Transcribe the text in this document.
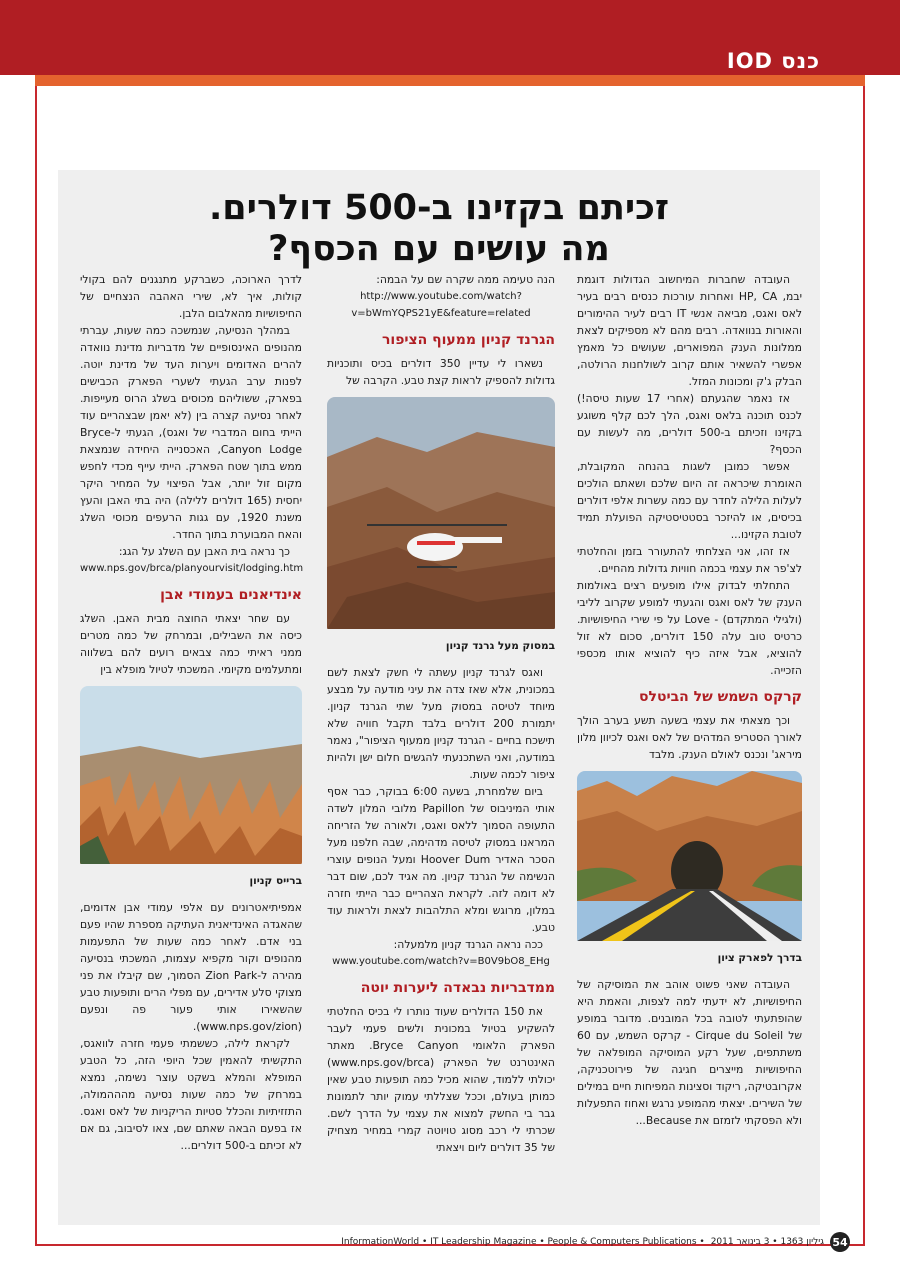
כנס IOD
זכיתם בקזינו ב-500 דולרים.
מה עושים עם הכסף?

העובדה שחברות המיחשוב הגדולות דוגמת יבמ, HP, CA ואחרות עורכות כנסים רבים בעיר לאס ואגס, מביאה אנשי IT רבים לעיר ההימורים והאורות בנוואדה. רבים מהם לא מספיקים לצאת ממלונות הענק המפוארים, שעושים כל מאמץ אפשרי להשאיר אותם קרוב לשולחנות הרולטה, הבלק ג'ק ומכונות המזל.

אז נאמר שהגעתם (אחרי 17 שעות טיסה!) לכנס תוכנה בלאס ואגס, הלך לכם קלף משוגע בקזינו וזכיתם ב-500 דולרים, מה לעשות עם הכסף?

אפשר כמובן לשגות בהנחה המקובלת, האומרת שיכראה זה היום שלכם ושאתם הולכים לעלות הלילה לחדר עם כמה עשרות אלפי דולרים בכיסים, או להיזכר בסטטיסטיקה הפועלת תמיד לטובת הקזינו...

אז זהו, אני הצלחתי להתעורר בזמן והחלטתי לצ'פר את עצמי בכמה חוויות גדולות מהחיים.

התחלתי לבדוק אילו מופעים רצים באולמות הענק של לאס ואגס והגעתי למופע שקרוב לליבי (ולגילי המתקדם) - Love על פי שירי החיפושיות. כרטיס טוב עלה 150 דולרים, סכום לא זול להוציא, אבל איזה כיף להוציא אותו מכספי הזכייה.

קרקס השמש של הביטלס

וכך מצאתי את עצמי בשעה תשע בערב הולך לאורך הסטריפ המדהים של לאס ואגס לכיוון מלון מיראג' ונכנס לאולם הענק. מלבד

בדרך לפארק ציון

העובדה שאני פשוט אוהב את המוסיקה של החיפושיות, לא ידעתי למה לצפות, והאמת היא שהופתעתי לטובה בכל המובנים. מדובר במופע של Cirque du Soleil - קרקס השמש, עם 60 משתתפים, שעל רקע המוסיקה המופלאה של החיפושיות מייצרים חגיגה של פירוטכניקה, אקרובטיקה, ריקוד וסצינות המפיחות חיים במילים של השירים. יצאתי מהמופע נרגש ואחוז התפעלות ולא הפסקתי לזמזם את Because...

הנה טעימה ממה שקרה שם על הבמה:

http://www.youtube.com/watch?v=bWmYQPS21yE&feature=related

הגרנד קניון ממעוף הציפור

נשארו לי עדיין 350 דולרים בכיס ותוכניות גדולות להספיק לראות קצת טבע. הקרבה של

במסוק מעל גרנד קניון

ואגס לגרנד קניון עשתה לי חשק לצאת לשם במכונית, אלא שאז צדה את עיני מודעה על מבצע מיוחד לטיסה במסוק מעל שתי הגרנד קניון. יתמורת 200 דולרים בלבד תקבל חוויה שלא תישכח בחיים - הגרנד קניון ממעוף הציפור", נאמר במודעה, ואני השתכנעתי להגשים חלום ישן ולהיות ציפור לכמה שעות.

ביום שלמחרת, בשעה 6:00 בבוקר, כבר אסף אותי המיניבוס של Papillon מלובי המלון לשדה התעופה הסמוך ללאס ואגס, ולאורה של הזריחה המראנו במסוק לטיסה מדהימה, שבה חלפנו מעל הסכר האדיר Hoover Dum ומעל הנופים עוצרי הנשימה של הגרנד קניון. מה אגיד לכם, שום דבר לא דומה לזה. לקראת הצהריים כבר הייתי חזרה במלון, מרוגש ומלא התלהבות לצאת ולראות עוד טבע.

ככה נראה הגרנד קניון מלמעלה:

www.youtube.com/watch?v=B0V9bO8_EHg

ממדבריות נבאדה ליערות יוטה

את 150 הדולרים שעוד נותרו לי בכיס החלטתי להשקיע בטיול במכונית ולשים פעמי לעבר הפארק הלאומי Bryce Canyon. מאתר האינטרנט של הפארק (www.nps.gov/brca) יכולתי ללמוד, שהוא מכיל כמה תופעות טבע שאין כמותן בעולם, וככל שצללתי עמוק יותר לתמונות גבר בי החשק למצוא את עצמי על הדרך לשם. שכרתי לי רכב מסוג טויוטה קמרי במחיר מצחיק של 35 דולרים ליום ויצאתי

לדרך הארוכה, כשברקע מתנגנים להם בקולי קולות, איך לא, שירי האהבה הנצחיים של החיפושיות מהאלבום הלבן.

במהלך הנסיעה, שנמשכה כמה שעות, עברתי מהנופים האינסופיים של מדבריות מדינת נוואדה להרים האדומים ויערות העד של מדינת יוטה. לפנות ערב הגעתי לשערי הפארק הכבישים בפארק, ששוליהם מכוסים בשלג הרוס מעייפות. לאחר נסיעה קצרה בין (לא יאמן שבצהריים עוד הייתי בחום המדברי של ואגס), הגעתי ל-Bryce Canyon Lodge, האכסנייה היחידה שנמצאת ממש בתוך שטח הפארק. הייתי עייף מכדי לחפש מקום זול יותר, אבל הפיצוי על המחיר היקר יחסית (165 דולרים ללילה) היה בתי האבן והעץ משנת 1920, עם גגות הרעפים מכוסי השלג והאח המבוערת בתוך החדר.

כך נראה בית האבן עם השלג על הגג:

www.nps.gov/brca/planyourvisit/lodging.htm

אינדיאנים בעמודי אבן

עם שחר יצאתי החוצה מבית האבן. השלג כיסה את השבילים, ובמרחק של כמה מטרים ממני ראיתי כמה צבאים רועים להם בשלווה ומתעלמים מקיומי. המשכתי לטיול מופלא בין

ברייס קניון

אמפיתיאטרונים עם אלפי עמודי אבן אדומים, שהאגדה האינדיאנית העתיקה מספרת שהיו פעם בני אדם. לאחר כמה שעות של התפעמות מהנופים וקור מקפיא עצמות, המשכתי בנסיעה מהירה ל-Zion Park הסמוך, שם קיבלו את פני מצוקי סלע אדירים, עם מפלי הרים ותופעות טבע שהשאירו אותי פעור פה ונפעם (www.nps.gov/zion).

לקראת לילה, כששמתי פעמי חזרה לוואגס, התקשיתי להאמין שכל היופי הזה, כל הטבע המופלא והמלא בשקט עוצר נשימה, נמצא במרחק של כמה שעות נסיעה מהההמולה, התזזיתיות והכלל סטיות הריקניות של לאס ואגס. אז בפעם הבאה שאתם שם, צאו לסיבוב, גם אם לא זכיתם ב-500 דולרים...

InformationWorld • IT Leadership Magazine • People & Computers Publications • גיליון 1363 • 3 בינואר 2011 54
